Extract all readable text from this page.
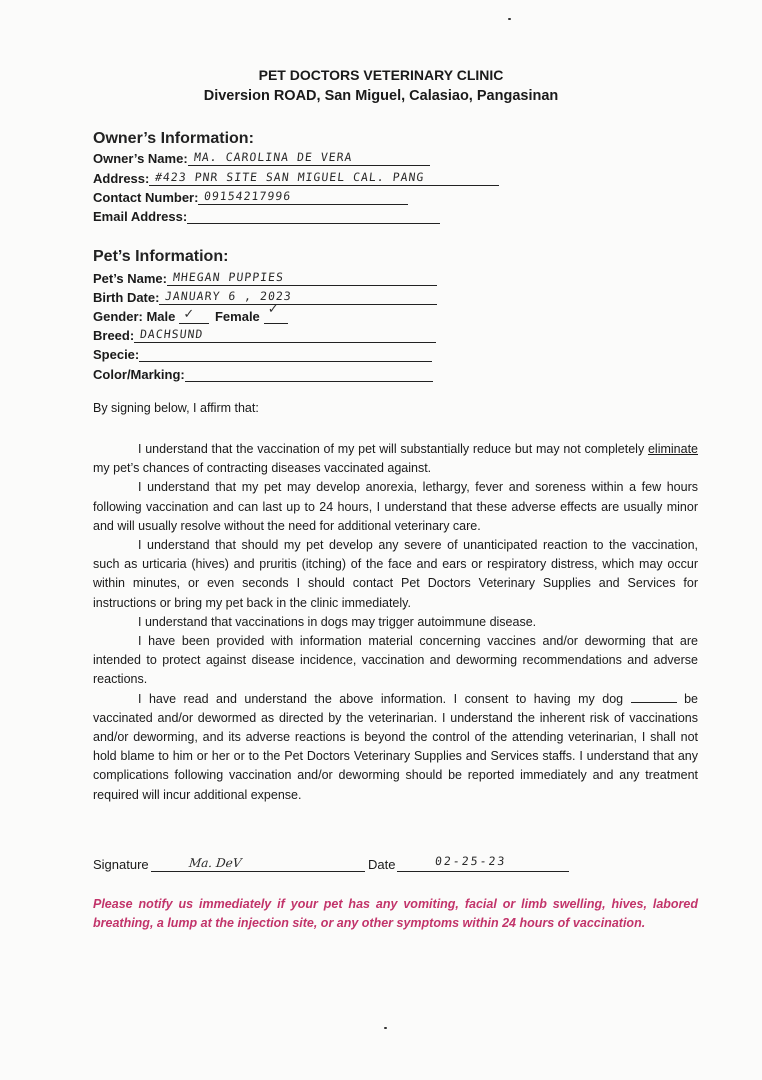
PET DOCTORS VETERINARY CLINIC
Diversion ROAD, San Miguel, Calasiao, Pangasinan
Owner’s Information:
Owner’s Name: MA. CAROLINA DE VERA
Address: #423 PNR SITE SAN MIGUEL CAL. PANG
Contact Number: 09154217996
Email Address:
Pet’s Information:
Pet’s Name: MHEGAN PUPPIES
Birth Date: JANUARY 6 , 2023
Gender: Male ✓ Female ✓
Breed: DACHSUND
Specie:
Color/Marking:
By signing below, I affirm that:

I understand that the vaccination of my pet will substantially reduce but may not completely eliminate my pet’s chances of contracting diseases vaccinated against.

I understand that my pet may develop anorexia, lethargy, fever and soreness within a few hours following vaccination and can last up to 24 hours, I understand that these adverse effects are usually minor and will usually resolve without the need for additional veterinary care.

I understand that should my pet develop any severe of unanticipated reaction to the vaccination, such as urticaria (hives) and pruritis (itching) of the face and ears or respiratory distress, which may occur within minutes, or even seconds I should contact Pet Doctors Veterinary Supplies and Services for instructions or bring my pet back in the clinic immediately.

I understand that vaccinations in dogs may trigger autoimmune disease.

I have been provided with information material concerning vaccines and/or deworming that are intended to protect against disease incidence, vaccination and deworming recommendations and adverse reactions.

I have read and understand the above information. I consent to having my dog	be vaccinated and/or dewormed as directed by the veterinarian. I understand the inherent risk of vaccinations and/or deworming, and its adverse reactions is beyond the control of the attending veterinarian, I shall not hold blame to him or her or to the Pet Doctors Veterinary Supplies and Services staffs. I understand that any complications following vaccination and/or deworming should be reported immediately and any treatment required will incur additional expense.

Signature	Ma. DeV	Date	02-25-23
Please notify us immediately if your pet has any vomiting, facial or limb swelling, hives, labored breathing, a lump at the injection site, or any other symptoms within 24 hours of vaccination.
